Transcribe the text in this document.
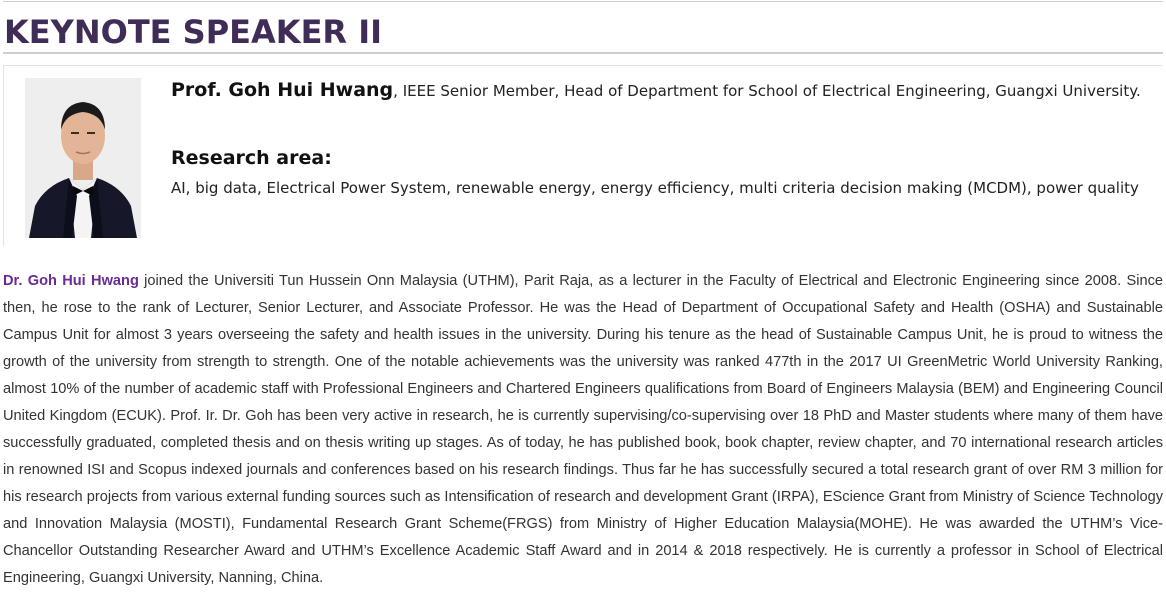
KEYNOTE SPEAKER II
Prof. Goh Hui Hwang, IEEE Senior Member, Head of Department for School of Electrical Engineering, Guangxi University.
Research area:
AI, big data, Electrical Power System, renewable energy, energy efficiency, multi criteria decision making (MCDM), power quality

Dr. Goh Hui Hwang joined the Universiti Tun Hussein Onn Malaysia (UTHM), Parit Raja, as a lecturer in the Faculty of Electrical and Electronic Engineering since 2008. Since then, he rose to the rank of Lecturer, Senior Lecturer, and Associate Professor. He was the Head of Department of Occupational Safety and Health (OSHA) and Sustainable Campus Unit for almost 3 years overseeing the safety and health issues in the university. During his tenure as the head of Sustainable Campus Unit, he is proud to witness the growth of the university from strength to strength. One of the notable achievements was the university was ranked 477th in the 2017 UI GreenMetric World University Ranking, almost 10% of the number of academic staff with Professional Engineers and Chartered Engineers qualifications from Board of Engineers Malaysia (BEM) and Engineering Council United Kingdom (ECUK). Prof. Ir. Dr. Goh has been very active in research, he is currently supervising/co-supervising over 18 PhD and Master students where many of them have successfully graduated, completed thesis and on thesis writing up stages. As of today, he has published book, book chapter, review chapter, and 70 international research articles in renowned ISI and Scopus indexed journals and conferences based on his research findings. Thus far he has successfully secured a total research grant of over RM 3 million for his research projects from various external funding sources such as Intensification of research and development Grant (IRPA), EScience Grant from Ministry of Science Technology and Innovation Malaysia (MOSTI), Fundamental Research Grant Scheme(FRGS) from Ministry of Higher Education Malaysia(MOHE). He was awarded the UTHM’s Vice-Chancellor Outstanding Researcher Award and UTHM’s Excellence Academic Staff Award and in 2014 & 2018 respectively. He is currently a professor in School of Electrical Engineering, Guangxi University, Nanning, China.
